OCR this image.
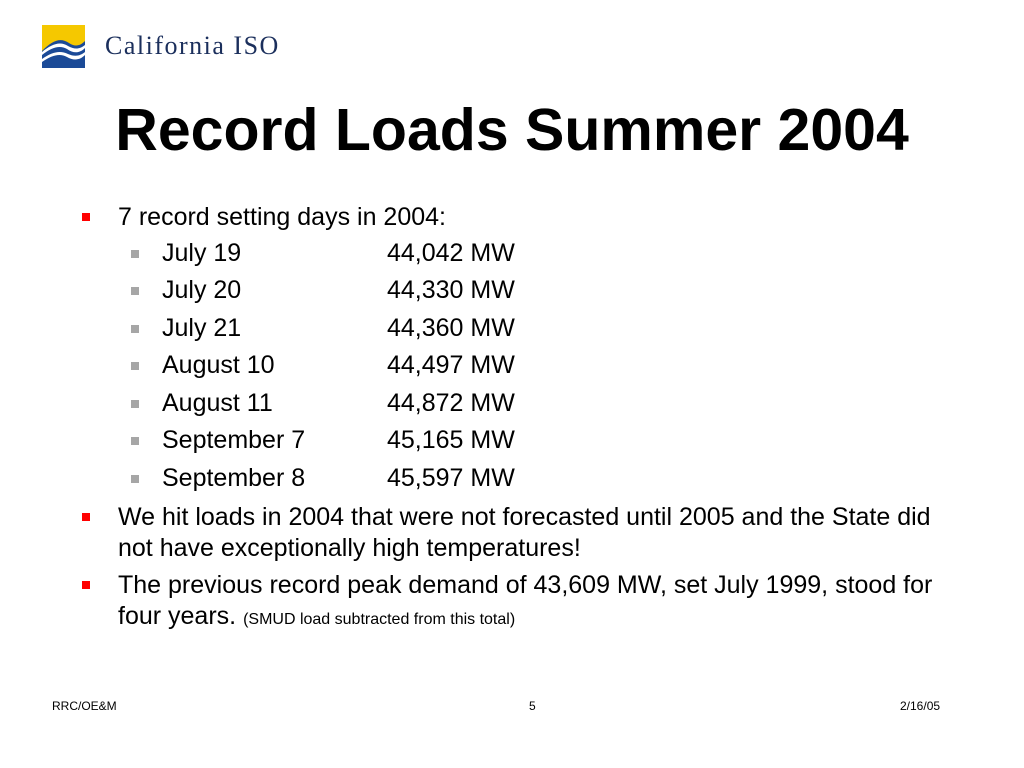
California ISO
Record Loads Summer 2004
7 record setting days in 2004:
July 19	44,042 MW
July 20	44,330 MW
July 21	44,360 MW
August 10	44,497 MW
August 11	44,872 MW
September 7	45,165 MW
September 8	45,597 MW
We hit loads in 2004 that were not forecasted until 2005 and the State did not have exceptionally high temperatures!
The previous record peak demand of 43,609 MW, set July 1999, stood for four years. (SMUD load subtracted from this total)
RRC/OE&M	5	2/16/05
